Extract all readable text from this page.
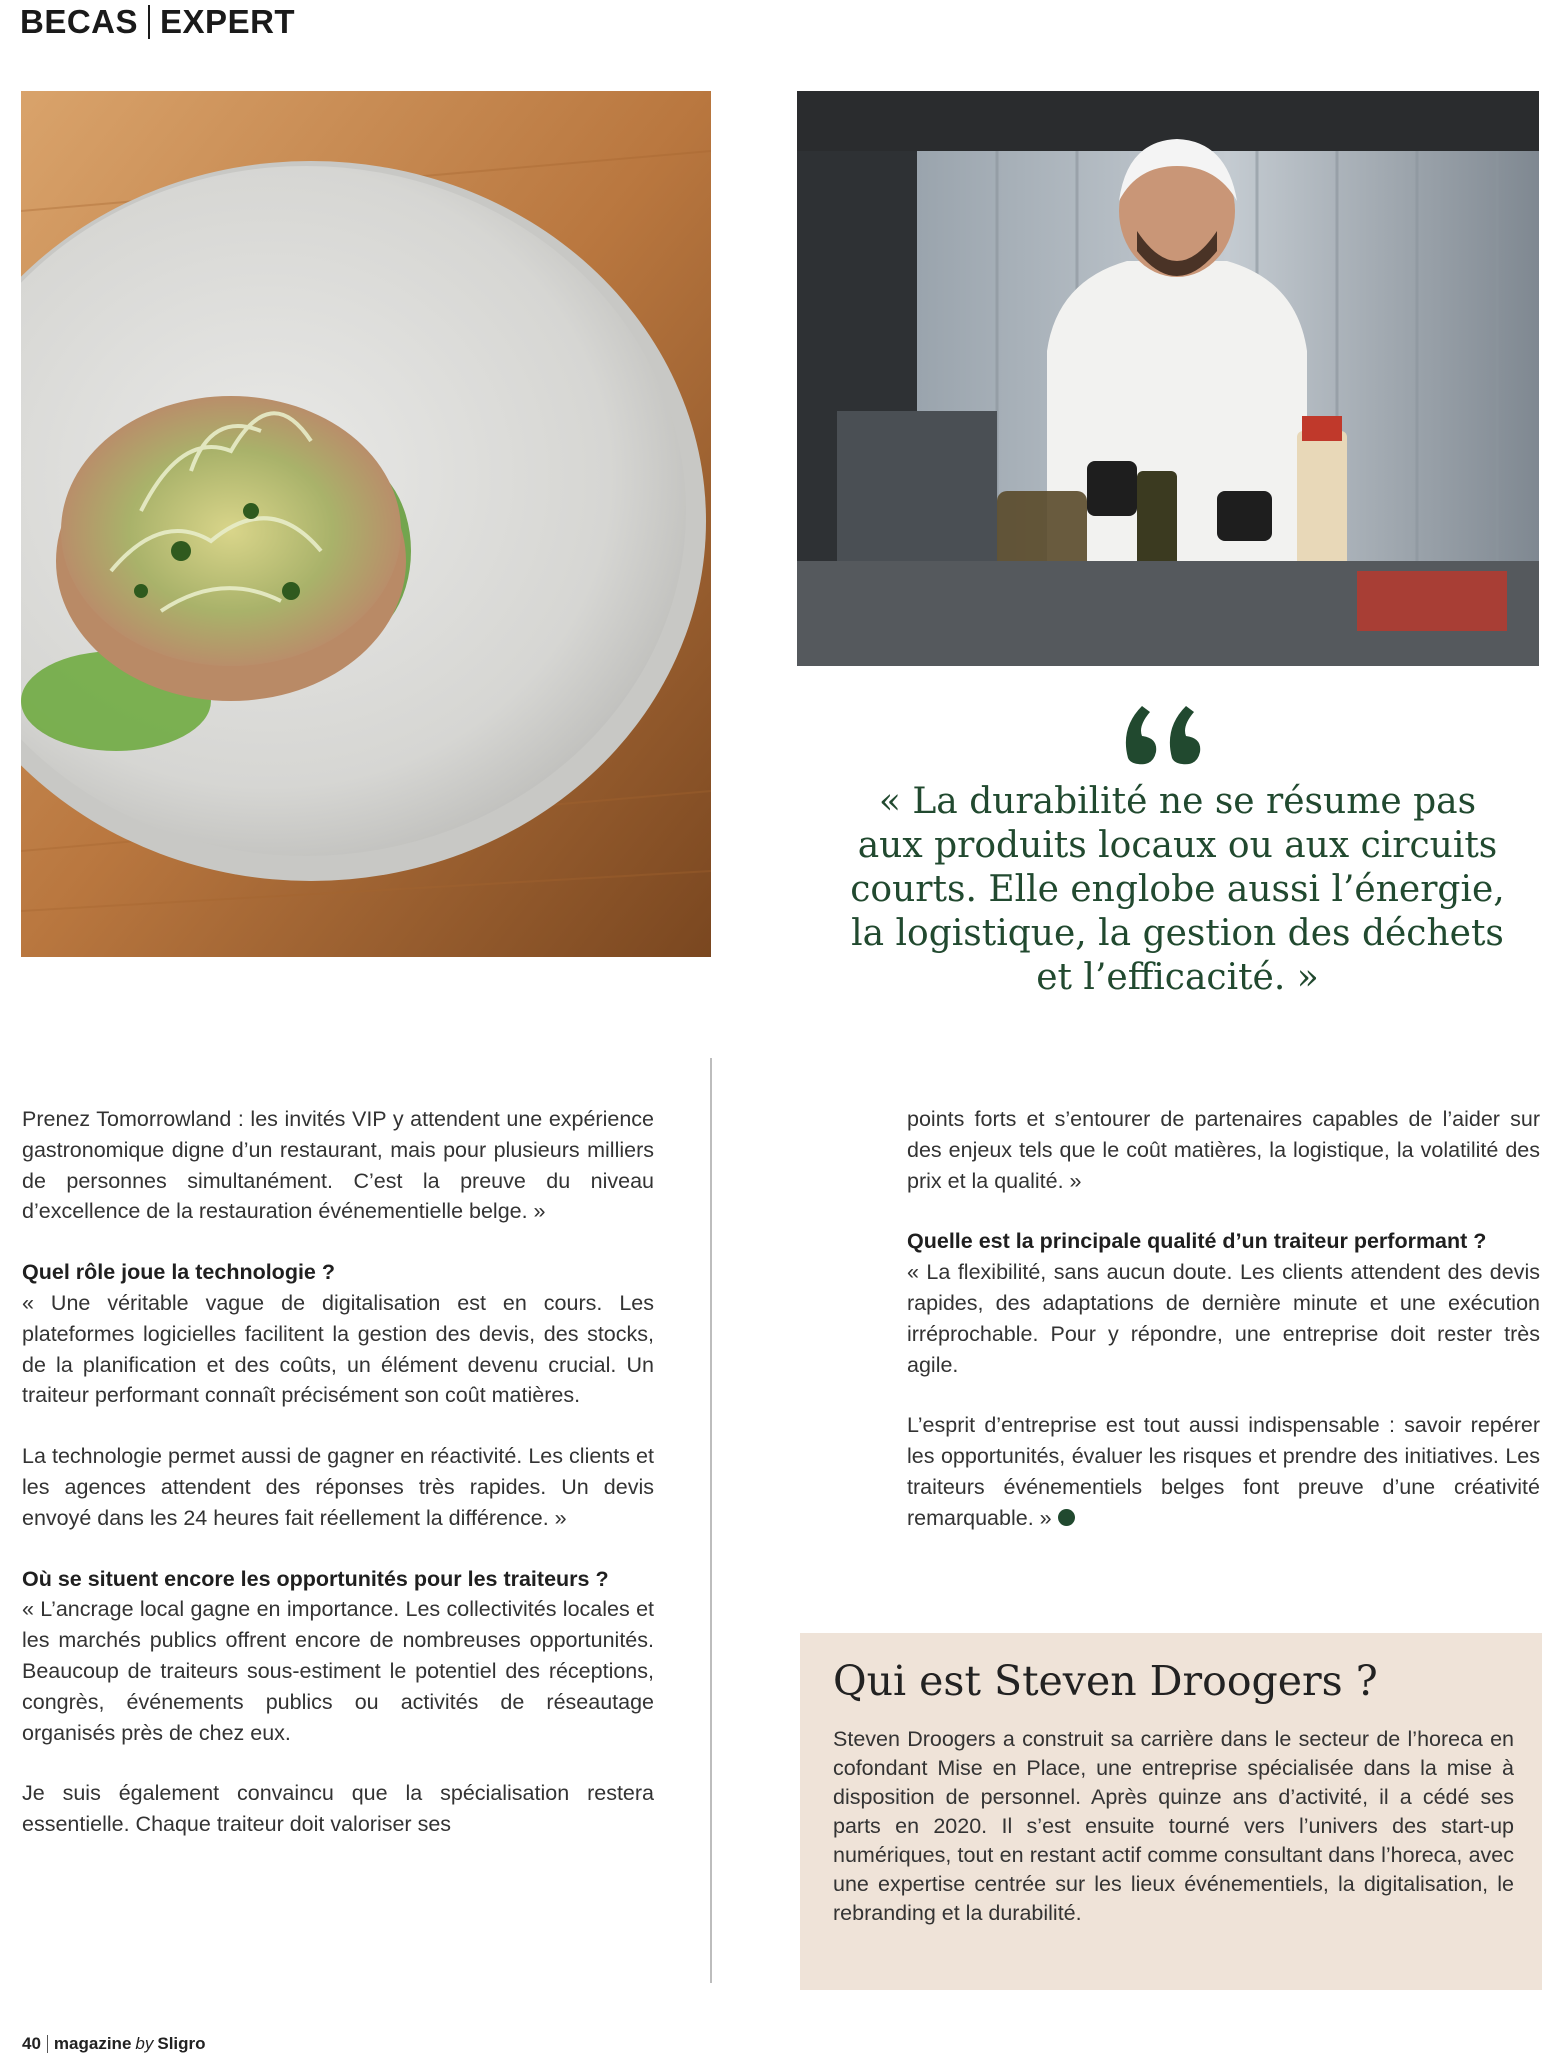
BECAS EXPERT
« La durabilité ne se résume pas
aux produits locaux ou aux circuits
courts. Elle englobe aussi l’énergie,
la logistique, la gestion des déchets
et l’efficacité. »

Prenez Tomorrowland : les invités VIP y attendent une expérience gastronomique digne d’un restaurant, mais pour plusieurs milliers de personnes simultanément. C’est la preuve du niveau d’excellence de la restauration événementielle belge. »

Quel rôle joue la technologie ?

« Une véritable vague de digitalisation est en cours. Les plateformes logicielles facilitent la gestion des devis, des stocks, de la planification et des coûts, un élément devenu crucial. Un traiteur performant connaît précisément son coût matières.

La technologie permet aussi de gagner en réactivité. Les clients et les agences attendent des réponses très rapides. Un devis envoyé dans les 24 heures fait réellement la différence. »

Où se situent encore les opportunités pour les traiteurs ?

« L’ancrage local gagne en importance. Les collectivités locales et les marchés publics offrent encore de nombreuses opportunités. Beaucoup de traiteurs sous-estiment le potentiel des réceptions, congrès, événements publics ou activités de réseautage organisés près de chez eux.

Je suis également convaincu que la spécialisation restera essentielle. Chaque traiteur doit valoriser ses

points forts et s’entourer de partenaires capables de l’aider sur des enjeux tels que le coût matières, la logistique, la volatilité des prix et la qualité. »

Quelle est la principale qualité d’un traiteur performant ?

« La flexibilité, sans aucun doute. Les clients attendent des devis rapides, des adaptations de dernière minute et une exécution irréprochable. Pour y répondre, une entreprise doit rester très agile.

L’esprit d’entreprise est tout aussi indispensable : savoir repérer les opportunités, évaluer les risques et prendre des initiatives. Les traiteurs événementiels belges font preuve d’une créativité remarquable. »

Qui est Steven Droogers ?
Steven Droogers a construit sa carrière dans le secteur de l’horeca en cofondant Mise en Place, une entreprise spécialisée dans la mise à disposition de personnel. Après quinze ans d’activité, il a cédé ses parts en 2020. Il s’est ensuite tourné vers l’univers des start-up numériques, tout en restant actif comme consultant dans l’horeca, avec une expertise centrée sur les lieux événementiels, la digitalisation, le rebranding et la durabilité.
40 magazine by Sligro
